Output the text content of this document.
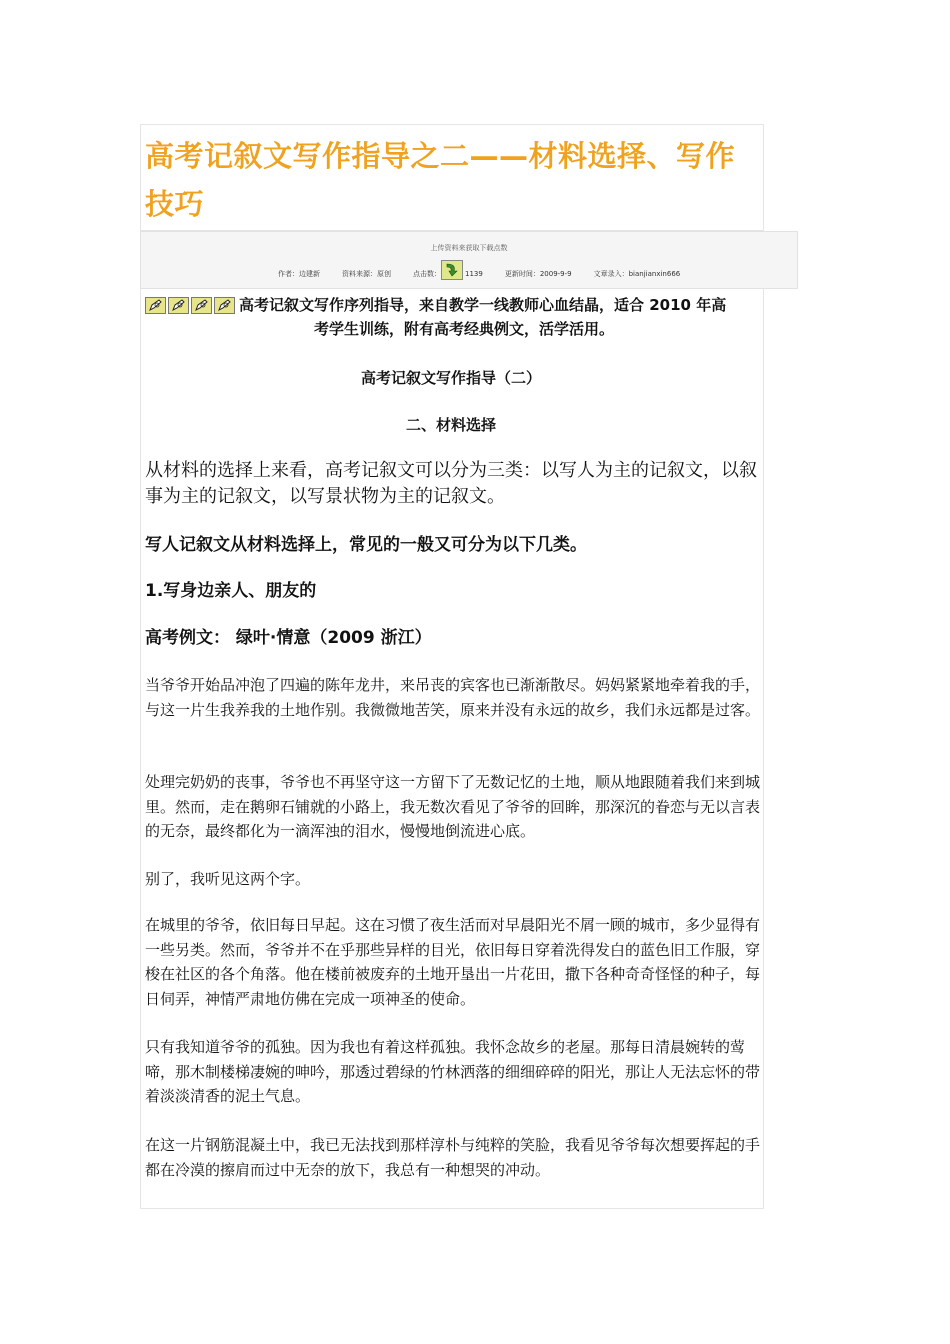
高考记叙文写作指导之二——材料选择、写作技巧
上传资料来获取下载点数
作者：边建新	资料来源：原创	点击数：	1139	更新时间：2009-9-9	文章录入：bianjianxin666
高考记叙文写作序列指导，来自教学一线教师心血结晶，适合 2010 年高
考学生训练，附有高考经典例文，活学活用。
高考记叙文写作指导（二）
二、材料选择

从材料的选择上来看，高考记叙文可以分为三类：以写人为主的记叙文，以叙事为主的记叙文，以写景状物为主的记叙文。

写人记叙文从材料选择上，常见的一般又可分为以下几类。

1.写身边亲人、朋友的

高考例文： 绿叶·情意（2009 浙江）

当爷爷开始品冲泡了四遍的陈年龙井，来吊丧的宾客也已渐渐散尽。妈妈紧紧地牵着我的手，与这一片生我养我的土地作别。我微微地苦笑，原来并没有永远的故乡，我们永远都是过客。

处理完奶奶的丧事，爷爷也不再坚守这一方留下了无数记忆的土地，顺从地跟随着我们来到城里。然而，走在鹅卵石铺就的小路上，我无数次看见了爷爷的回眸，那深沉的眷恋与无以言表的无奈，最终都化为一滴浑浊的泪水，慢慢地倒流进心底。

别了，我听见这两个字。

在城里的爷爷，依旧每日早起。这在习惯了夜生活而对早晨阳光不屑一顾的城市，多少显得有一些另类。然而，爷爷并不在乎那些异样的目光，依旧每日穿着洗得发白的蓝色旧工作服，穿梭在社区的各个角落。他在楼前被废弃的土地开垦出一片花田，撒下各种奇奇怪怪的种子，每日伺弄，神情严肃地仿佛在完成一项神圣的使命。

只有我知道爷爷的孤独。因为我也有着这样孤独。我怀念故乡的老屋。那每日清晨婉转的莺啼，那木制楼梯凄婉的呻吟，那透过碧绿的竹林洒落的细细碎碎的阳光，那让人无法忘怀的带着淡淡清香的泥土气息。

在这一片钢筋混凝土中，我已无法找到那样淳朴与纯粹的笑脸，我看见爷爷每次想要挥起的手都在冷漠的擦肩而过中无奈的放下，我总有一种想哭的冲动。
